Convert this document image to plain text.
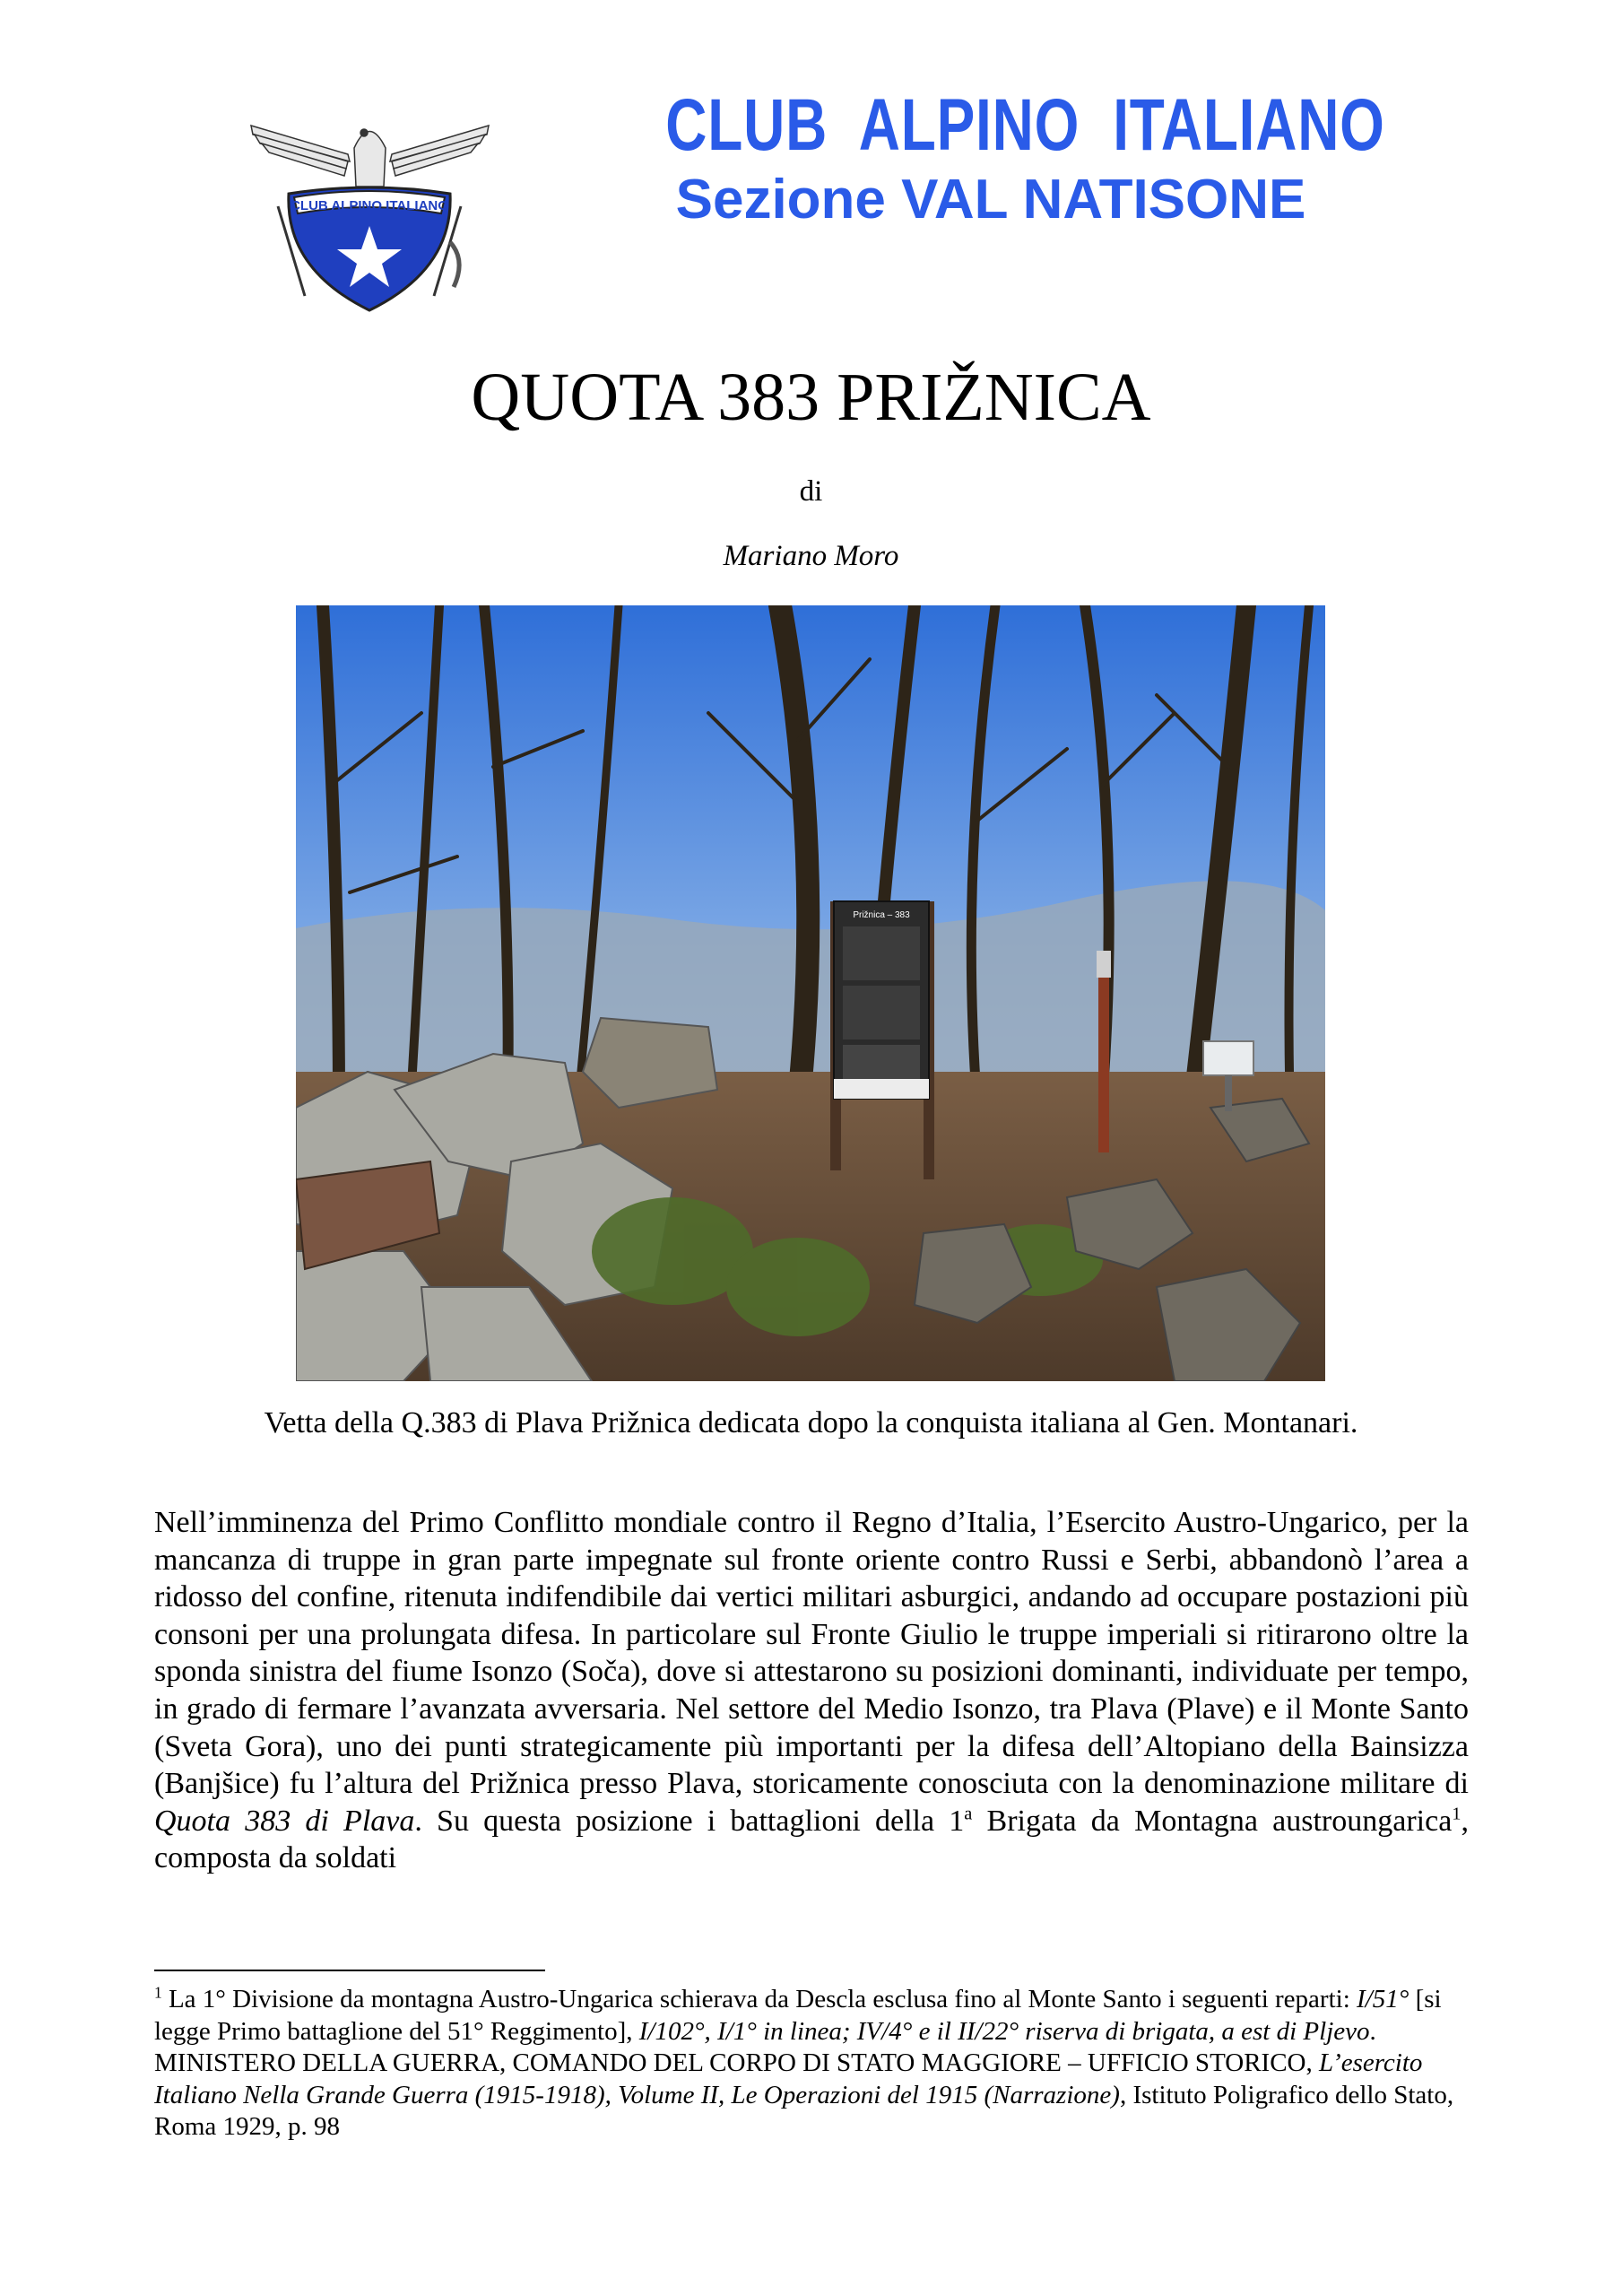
CLUB ALPINO ITALIANO
CLUB  ALPINO  ITALIANO
Sezione VAL NATISONE
QUOTA 383 PRIŽNICA
di
Mariano Moro
Prižnica – 383
Vetta della Q.383 di Plava Prižnica dedicata dopo la conquista italiana al Gen. Montanari.
Nell’imminenza del Primo Conflitto mondiale contro il Regno d’Italia, l’Esercito Austro-Ungarico, per la mancanza di truppe in gran parte impegnate sul fronte oriente contro Russi e Serbi, abbandonò l’area a ridosso del confine, ritenuta indifendibile dai vertici militari asburgici, andando ad occupare postazioni più consoni per una prolungata difesa. In particolare sul Fronte Giulio le truppe imperiali si ritirarono oltre la sponda sinistra del fiume Isonzo (Soča), dove si attestarono su posizioni dominanti, individuate per tempo, in grado di fermare l’avanzata avversaria. Nel settore del Medio Isonzo, tra Plava (Plave) e il Monte Santo (Sveta Gora), uno dei punti strategicamente più importanti per la difesa dell’Altopiano della Bainsizza (Banjšice) fu l’altura del Prižnica presso Plava, storicamente conosciuta con la denominazione militare di Quota 383 di Plava. Su questa posizione i battaglioni della 1$^a$ Brigata da Montagna austroungarica$^1$, composta da soldati
$^1$ La 1° Divisione da montagna Austro-Ungarica schierava da Descla esclusa fino al Monte Santo i seguenti reparti: I/51° [si legge Primo battaglione del 51° Reggimento], I/102°, I/1° in linea; IV/4° e il II/22° riserva di brigata, a est di Pljevo. MINISTERO DELLA GUERRA, COMANDO DEL CORPO DI STATO MAGGIORE – UFFICIO STORICO, L’esercito Italiano Nella Grande Guerra (1915-1918), Volume II, Le Operazioni del 1915 (Narrazione), Istituto Poligrafico dello Stato, Roma 1929, p. 98
